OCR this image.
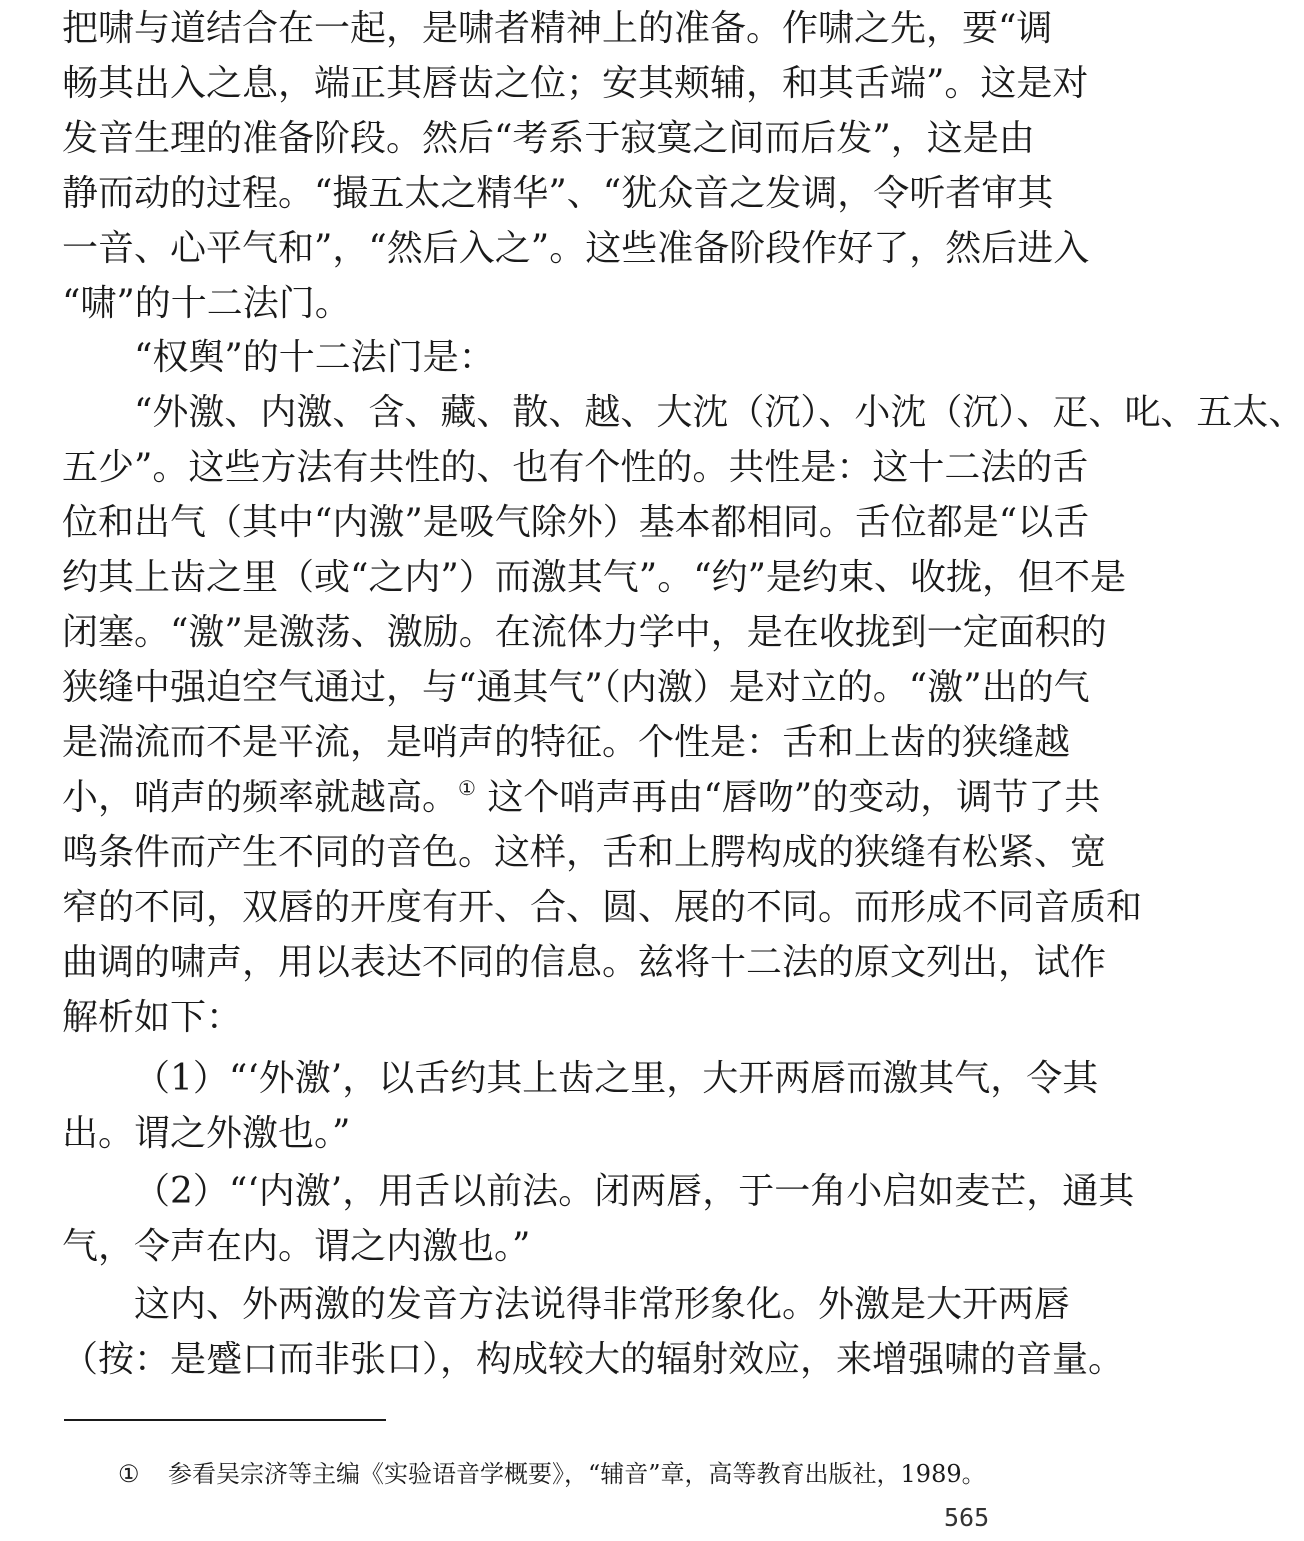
把啸与道结合在一起，是啸者精神上的准备。作啸之先，要“调
畅其出入之息，端正其唇齿之位；安其颊辅，和其舌端”。这是对
发音生理的准备阶段。然后“考系于寂寞之间而后发”，这是由
静而动的过程。“撮五太之精华”、“犹众音之发调，令听者审其
一音、心平气和”，“然后入之”。这些准备阶段作好了，然后进入
“啸”的十二法门。
“权舆”的十二法门是：
“外激、内激、含、藏、散、越、大沈（沉）、小沈（沉）、疋、叱、五太、
五少”。这些方法有共性的、也有个性的。共性是：这十二法的舌
位和出气（其中“内激”是吸气除外）基本都相同。舌位都是“以舌
约其上齿之里（或“之内”）而激其气”。“约”是约束、收拢，但不是
闭塞。“激”是激荡、激励。在流体力学中，是在收拢到一定面积的
狭缝中强迫空气通过，与“通其气”（内激）是对立的。“激”出的气
是湍流而不是平流，是哨声的特征。个性是：舌和上齿的狭缝越
小，哨声的频率就越高。① 这个哨声再由“唇吻”的变动，调节了共
鸣条件而产生不同的音色。这样，舌和上腭构成的狭缝有松紧、宽
窄的不同，双唇的开度有开、合、圆、展的不同。而形成不同音质和
曲调的啸声，用以表达不同的信息。兹将十二法的原文列出，试作
解析如下：
（1）“‘外激’，以舌约其上齿之里，大开两唇而激其气，令其
出。谓之外激也。”
（2）“‘内激’，用舌以前法。闭两唇，于一角小启如麦芒，通其
气，令声在内。谓之内激也。”
这内、外两激的发音方法说得非常形象化。外激是大开两唇
（按：是蹙口而非张口），构成较大的辐射效应，来增强啸的音量。
① 参看吴宗济等主编《实验语音学概要》，“辅音”章，高等教育出版社，1989。
565
